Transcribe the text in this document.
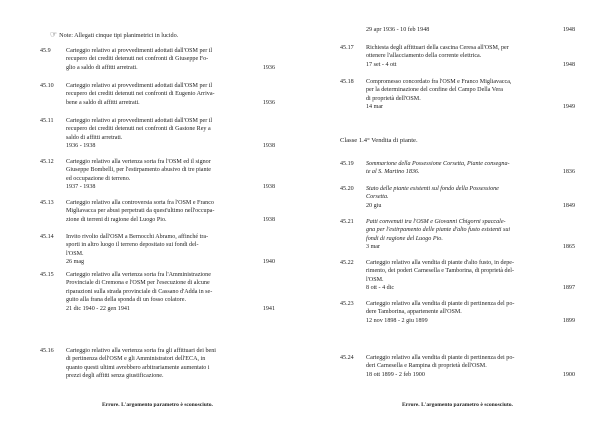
☞ Note: Allegati cinque tipi planimetrici in lucido.
45.9	Carteggio relativo ai provvedimenti adottati dall'OSM per il
recupero dei crediti detenuti nei confronti di Giuseppe Fo-
glio a saldo di affitti arretrati.	1936
45.10	Carteggio relativo ai provvedimenti adottati dall'OSM per il
recupero dei crediti detenuti nei confronti di Eugenio Arriva-
bene a saldo di affitti arretrati.	1936
45.11	Carteggio relativo ai provvedimenti adottati dall'OSM per il
recupero dei crediti detenuti nei confronti di Gastone Rey a
saldo di affitti arretrati.
1936 - 1938	1938
45.12	Carteggio relativo alla vertenza sorta fra l'OSM ed il signor
Giuseppe Bombelli, per l'estirpamento abusivo di tre piante
ed occupazione di terreno.
1937 - 1938	1938
45.13	Carteggio relativo alla controversia sorta fra l'OSM e Franco
Migliavacca per abusi perpetrati da quest'ultimo nell'occupa-
zione di terreni di ragione del Luogo Pio.	1938
45.14	Invito rivolto dall'OSM a Bernocchi Abramo, affinché tra-
sporti in altro luogo il terreno depositato sui fondi del-
l'OSM.
26 mag	1940
45.15	Carteggio relativo alla vertenza sorta fra l'Amministrazione
Provinciale di Cremona e l'OSM per l'esecuzione di alcune
riparazioni sulla strada provinciale di Cassano d'Adda in se-
guito alla frana della sponda di un fosso colatore.
21 dic 1940 - 22 gen 1941	1941
45.16	Carteggio relativo alla vertenza sorta fra gli affittuari dei beni
di pertinenza dell'OSM e gli Amministratori dell'ECA, in
quanto questi ultimi avrebbero arbitrariamente aumentato i
prezzi degli affitti senza giustificazione.
Errore. L'argomento parametro è sconosciuto.
29 apr 1936 - 10 feb 1948	1948
45.17	Richiesta degli affittuari della cascina Ceresa all'OSM, per
ottenere l'allacciamento della corrente elettrica.
17 set - 4 ott	1948
45.18	Compromesso concordato fra l'OSM e Franco Migliavacca,
per la determinazione del confine del Campo Della Vera
di proprietà dell'OSM.
14 mar	1949
Classe 1.4° Vendita di piante.
45.19	Sommarione della Possessione Corsetta, Piante consegna-
te al S. Martino 1836.	1836
45.20	Stato delle piante esistenti sul fondo della Possessione
Corsetta.
20 giu	1849
45.21	Patti convenuti tra l'OSM e Giovanni Chigorni spaccale-
gna per l'estirpamento delle piante d'alto fusto esistenti sui
fondi di ragione del Luogo Pio.
3 mar	1865
45.22	Carteggio relativo alla vendita di piante d'alto fusto, in depe-
rimento, dei poderi Carnesella e Tamborina, di proprietà del-
l'OSM.
8 ott - 4 dic	1897
45.23	Carteggio relativo alla vendita di piante di pertinenza del po-
dere Tamborina, appartenente all'OSM.
12 nov 1898 - 2 giu 1899	1899
45.24	Carteggio relativo alla vendita di piante di pertinenza dei po-
deri Carnesella e Rampina di proprietà dell'OSM.
18 ott 1899 - 2 feb 1900	1900
Errore. L'argomento parametro è sconosciuto.
